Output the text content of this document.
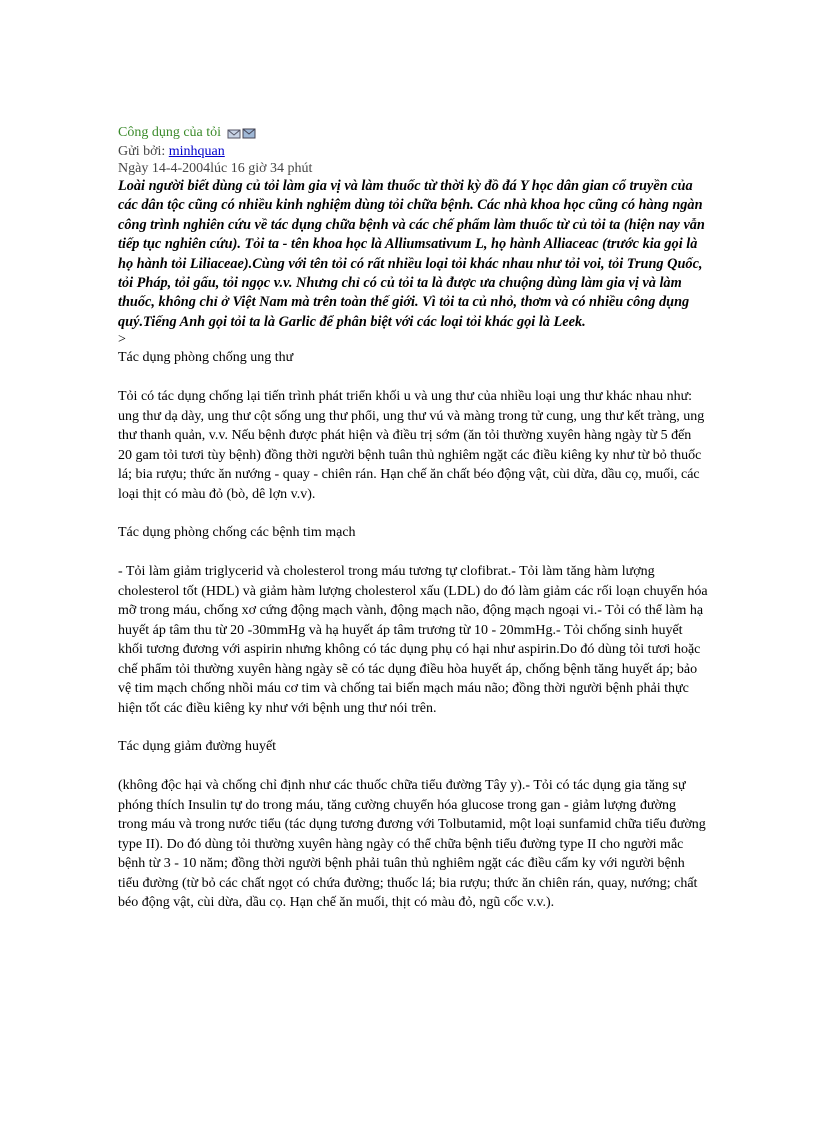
Công dụng của tỏi
Gửi bởi: minhquan
Ngày 14-4-2004lúc 16 giờ 34 phút

Loài người biết dùng củ tỏi làm gia vị và làm thuốc từ thời kỳ đồ đá Y học dân gian cổ truyền của các dân tộc cũng có nhiều kinh nghiệm dùng tỏi chữa bệnh. Các nhà khoa học cũng có hàng ngàn công trình nghiên cứu về tác dụng chữa bệnh và các chế phẩm làm thuốc từ củ tỏi ta (hiện nay vẫn tiếp tục nghiên cứu). Tỏi ta - tên khoa học là Alliumsativum L, họ hành Alliaceac (trước kia gọi là họ hành tỏi Liliaceae).Cùng với tên tỏi có rất nhiều loại tỏi khác nhau như tỏi voi, tỏi Trung Quốc, tỏi Pháp, tỏi gấu, tỏi ngọc v.v. Nhưng chỉ có củ tỏi ta là được ưa chuộng dùng làm gia vị và làm thuốc, không chỉ ở Việt Nam mà trên toàn thế giới. Vì tỏi ta củ nhỏ, thơm và có nhiều công dụng quý.Tiếng Anh gọi tỏi ta là Garlic để phân biệt với các loại tỏi khác gọi là Leek.

>

Tác dụng phòng chống ung thư

Tỏi có tác dụng chống lại tiến trình phát triển khối u và ung thư của nhiều loại ung thư khác nhau như: ung thư dạ dày, ung thư cột sống ung thư phổi, ung thư vú và màng trong tử cung, ung thư kết tràng, ung thư thanh quản, v.v. Nếu bệnh được phát hiện và điều trị sớm (ăn tỏi thường xuyên hàng ngày từ 5 đến 20 gam tỏi tươi tùy bệnh) đồng thời người bệnh tuân thủ nghiêm ngặt các điều kiêng ky như từ bỏ thuốc lá; bia rượu; thức ăn nướng - quay - chiên rán. Hạn chế ăn chất béo động vật, cùi dừa, dầu cọ, muối, các loại thịt có màu đỏ (bò, dê lợn v.v).

Tác dụng phòng chống các bệnh tim mạch

- Tỏi làm giảm triglycerid và cholesterol trong máu tương tự clofibrat.- Tỏi làm tăng hàm lượng cholesterol tốt (HDL) và giảm hàm lượng cholesterol xấu (LDL) do đó làm giảm các rối loạn chuyển hóa mỡ trong máu, chống xơ cứng động mạch vành, động mạch não, động mạch ngoại vi.- Tỏi có thể làm hạ huyết áp tâm thu từ 20 -30mmHg và hạ huyết áp tâm trương từ 10 - 20mmHg.- Tỏi chống sinh huyết khối tương đương với aspirin nhưng không có tác dụng phụ có hại như aspirin.Do đó dùng tỏi tươi hoặc chế phẩm tỏi thường xuyên hàng ngày sẽ có tác dụng điều hòa huyết áp, chống bệnh tăng huyết áp; bảo vệ tim mạch chống nhồi máu cơ tim và chống tai biến mạch máu não; đồng thời người bệnh phải thực hiện tốt các điều kiêng ky như với bệnh ung thư nói trên.

Tác dụng giảm đường huyết

(không độc hại và chống chỉ định như các thuốc chữa tiểu đường Tây y).- Tỏi có tác dụng gia tăng sự phóng thích Insulin tự do trong máu, tăng cường chuyển hóa glucose trong gan - giảm lượng đường trong máu và trong nước tiểu (tác dụng tương đương với Tolbutamid, một loại sunfamid chữa tiểu đường type II). Do đó dùng tỏi thường xuyên hàng ngày có thể chữa bệnh tiểu đường type II cho người mắc bệnh từ 3 - 10 năm; đồng thời người bệnh phải tuân thủ nghiêm ngặt các điều cấm ky với người bệnh tiểu đường (từ bỏ các chất ngọt có chứa đường; thuốc lá; bia rượu; thức ăn chiên rán, quay, nướng; chất béo động vật, cùi dừa, dầu cọ. Hạn chế ăn muối, thịt có màu đỏ, ngũ cốc v.v.).
